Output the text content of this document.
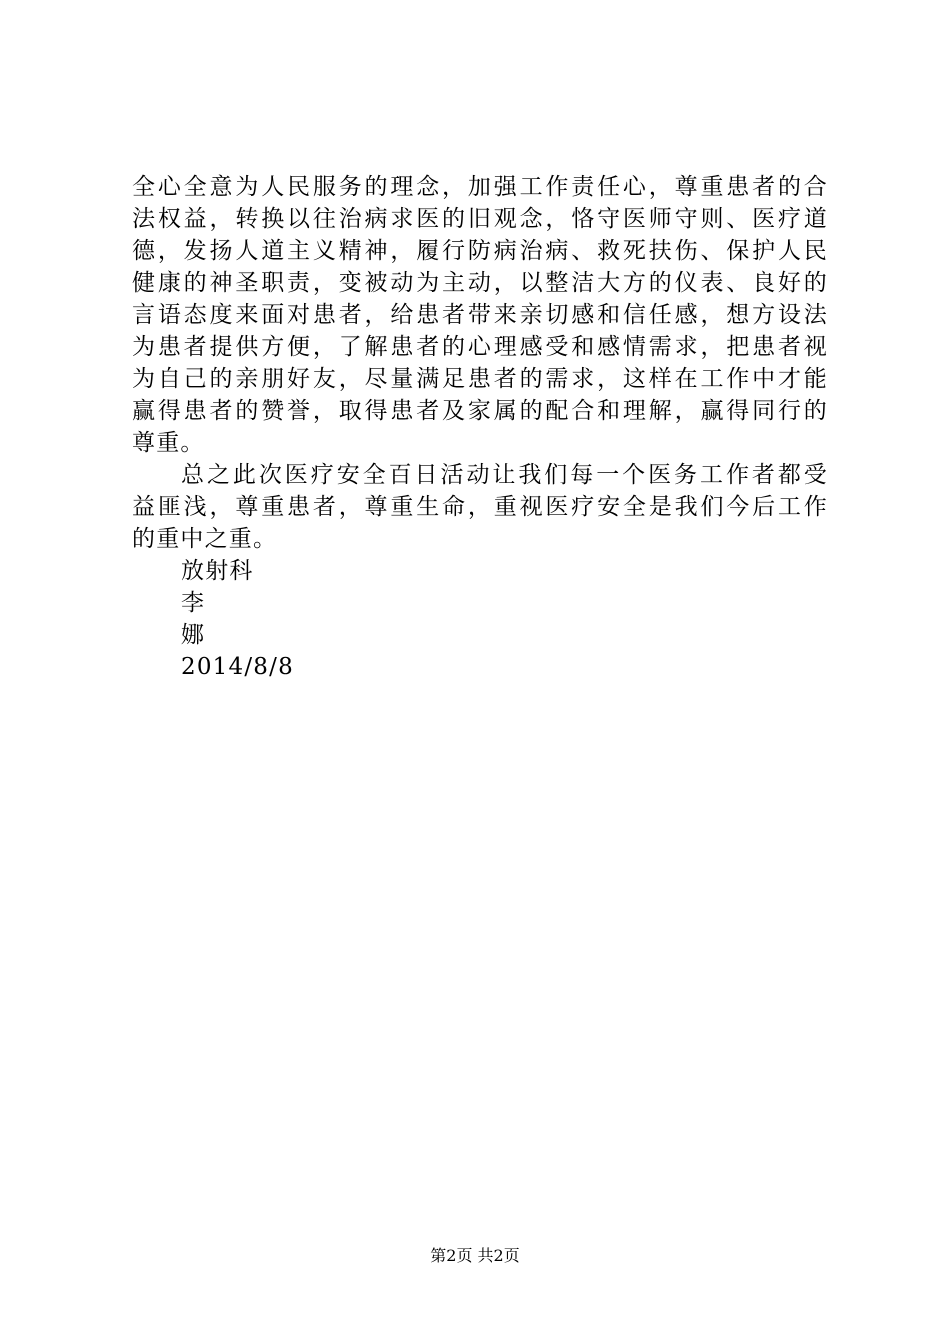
全心全意为人民服务的理念，加强工作责任心，尊重患者的合
法权益，转换以往治病求医的旧观念，恪守医师守则、医疗道
德，发扬人道主义精神，履行防病治病、救死扶伤、保护人民
健康的神圣职责，变被动为主动，以整洁大方的仪表、良好的
言语态度来面对患者，给患者带来亲切感和信任感，想方设法
为患者提供方便，了解患者的心理感受和感情需求，把患者视
为自己的亲朋好友，尽量满足患者的需求，这样在工作中才能
赢得患者的赞誉，取得患者及家属的配合和理解，赢得同行的
尊重。
总之此次医疗安全百日活动让我们每一个医务工作者都受
益匪浅，尊重患者，尊重生命，重视医疗安全是我们今后工作
的重中之重。
放射科
李
娜
2014/8/8
第2页 共2页
